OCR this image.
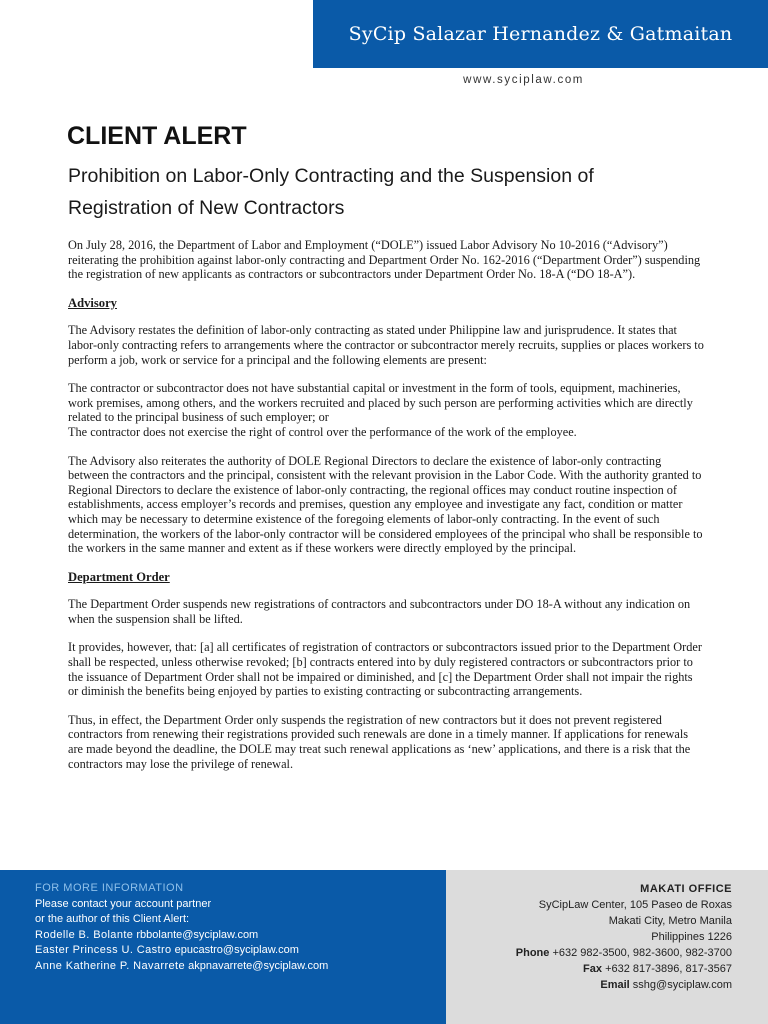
SyCip Salazar Hernandez & Gatmaitan
www.syciplaw.com
CLIENT ALERT
Prohibition on Labor-Only Contracting and the Suspension of
Registration of New Contractors

On July 28, 2016, the Department of Labor and Employment (“DOLE”) issued Labor Advisory No 10-2016 (“Advisory”) reiterating the prohibition against labor-only contracting and Department Order No. 162-2016 (“Department Order”) suspending the registration of new applicants as contractors or subcontractors under Department Order No. 18-A (“DO 18-A”).

Advisory

The Advisory restates the definition of labor-only contracting as stated under Philippine law and jurisprudence. It states that labor-only contracting refers to arrangements where the contractor or subcontractor merely recruits, supplies or places workers to perform a job, work or service for a principal and the following elements are present:

The contractor or subcontractor does not have substantial capital or investment in the form of tools, equipment, machineries, work premises, among others, and the workers recruited and placed by such person are performing activities which are directly related to the principal business of such employer; or

The contractor does not exercise the right of control over the performance of the work of the employee.

The Advisory also reiterates the authority of DOLE Regional Directors to declare the existence of labor-only contracting between the contractors and the principal, consistent with the relevant provision in the Labor Code. With the authority granted to Regional Directors to declare the existence of labor-only contracting, the regional offices may conduct routine inspection of establishments, access employer’s records and premises, question any employee and investigate any fact, condition or matter which may be necessary to determine existence of the foregoing elements of labor-only contracting. In the event of such determination, the workers of the labor-only contractor will be considered employees of the principal who shall be responsible to the workers in the same manner and extent as if these workers were directly employed by the principal.

Department Order

The Department Order suspends new registrations of contractors and subcontractors under DO 18-A without any indication on when the suspension shall be lifted.

It provides, however, that: [a] all certificates of registration of contractors or subcontractors issued prior to the Department Order shall be respected, unless otherwise revoked; [b] contracts entered into by duly registered contractors or subcontractors prior to the issuance of Department Order shall not be impaired or diminished, and [c] the Department Order shall not impair the rights or diminish the benefits being enjoyed by parties to existing contracting or subcontracting arrangements.

Thus, in effect, the Department Order only suspends the registration of new contractors but it does not prevent registered contractors from renewing their registrations provided such renewals are done in a timely manner. If applications for renewals are made beyond the deadline, the DOLE may treat such renewal applications as ‘new’ applications, and there is a risk that the contractors may lose the privilege of renewal.

FOR MORE INFORMATION
Please contact your account partner
or the author of this Client Alert:
Rodelle B. Bolante rbbolante@syciplaw.com
Easter Princess U. Castro epucastro@syciplaw.com
Anne Katherine P. Navarrete akpnavarrete@syciplaw.com
MAKATI OFFICE
SyCipLaw Center, 105 Paseo de Roxas
Makati City, Metro Manila
Philippines 1226
Phone +632 982-3500, 982-3600, 982-3700
Fax +632 817-3896, 817-3567
Email sshg@syciplaw.com
